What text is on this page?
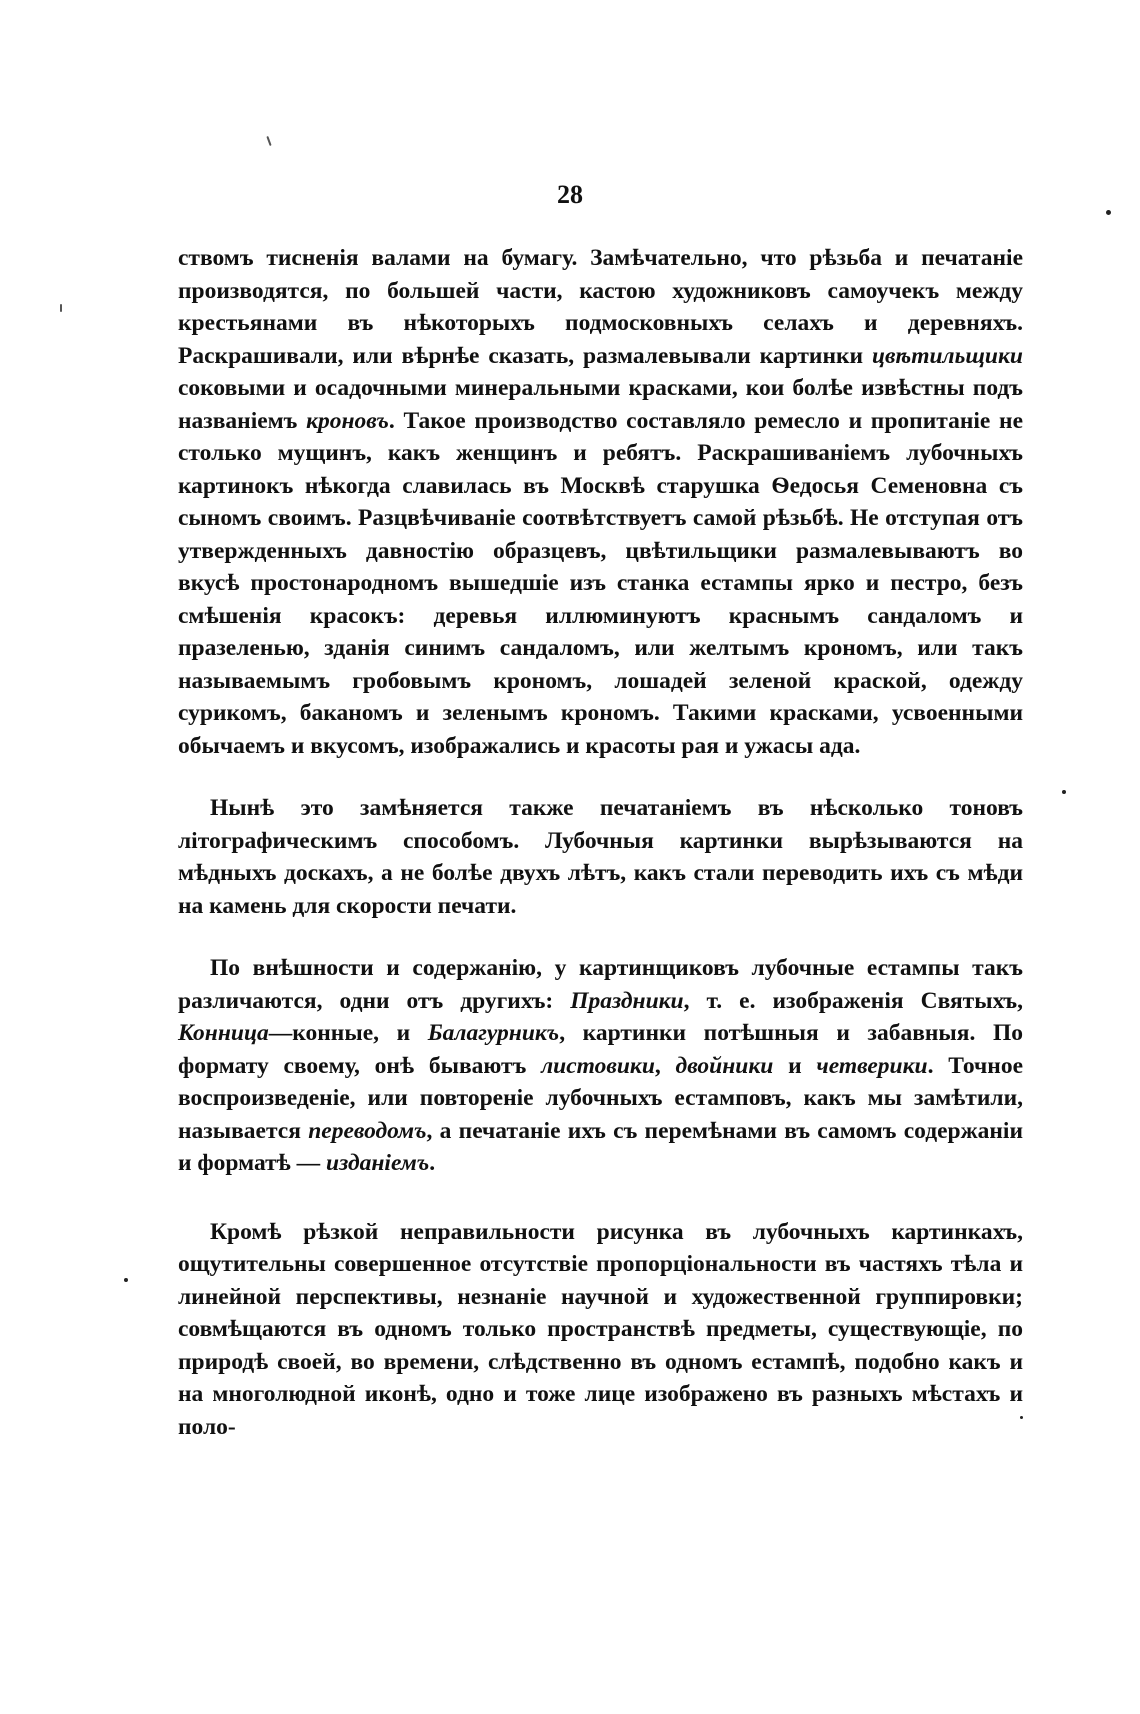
28

ствомъ тисненія валами на бумагу. Замѣчательно, что рѣзьба и печатаніе производятся, по большей части, кастою художниковъ самоучекъ между крестьянами въ нѣкоторыхъ подмосковныхъ селахъ и деревняхъ. Раскрашивали, или вѣрнѣе сказать, размалевывали картинки цвѣтильщики соковыми и осадочными минеральными красками, кои болѣе извѣстны подъ названіемъ кроновъ. Такое производство составляло ремесло и пропитаніе не столько мущинъ, какъ женщинъ и ребятъ. Раскрашиваніемъ лубочныхъ картинокъ нѣкогда славилась въ Москвѣ старушка Ѳедосья Семеновна съ сыномъ своимъ. Разцвѣчиваніе соотвѣтствуетъ самой рѣзьбѣ. Не отступая отъ утвержденныхъ давностію образцевъ, цвѣтильщики размалевываютъ во вкусѣ простонародномъ вышедшіе изъ станка естампы ярко и пестро, безъ смѣшенія красокъ: деревья иллюминуютъ краснымъ сандаломъ и празеленью, зданія синимъ сандаломъ, или желтымъ крономъ, или такъ называемымъ гробовымъ крономъ, лошадей зеленой краской, одежду сурикомъ, баканомъ и зеленымъ крономъ. Такими красками, усвоенными обычаемъ и вкусомъ, изображались и красоты рая и ужасы ада.

Нынѣ это замѣняется также печатаніемъ въ нѣсколько тоновъ літографическимъ способомъ. Лубочныя картинки вырѣзываются на мѣдныхъ доскахъ, а не болѣе двухъ лѣтъ, какъ стали переводить ихъ съ мѣди на камень для скорости печати.

По внѣшности и содержанію, у картинщиковъ лубочные естампы такъ различаются, одни отъ другихъ: Праздники, т. е. изображенія Святыхъ, Конница—конные, и Балагурникъ, картинки потѣшныя и забавныя. По формату своему, онѣ бываютъ листовики, двойники и четверики. Точное воспроизведеніе, или повтореніе лубочныхъ естамповъ, какъ мы замѣтили, называется переводомъ, а печатаніе ихъ съ перемѣнами въ самомъ содержаніи и форматѣ — изданіемъ.

Кромѣ рѣзкой неправильности рисунка въ лубочныхъ картинкахъ, ощутительны совершенное отсутствіе пропорціональности въ частяхъ тѣла и линейной перспективы, незнаніе научной и художественной группировки; совмѣщаются въ одномъ только пространствѣ предметы, существующіе, по природѣ своей, во времени, слѣдственно въ одномъ естампѣ, подобно какъ и на многолюдной иконѣ, одно и тоже лице изображено въ разныхъ мѣстахъ и поло-
